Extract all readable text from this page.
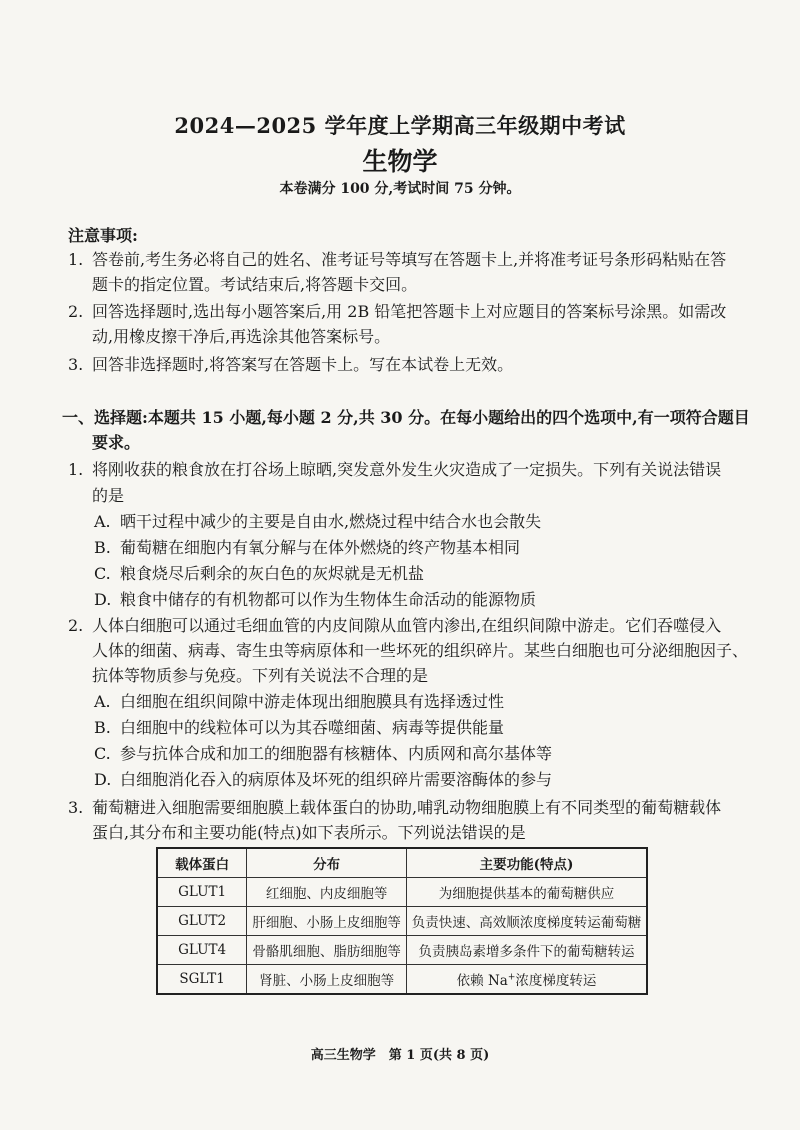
2024—2025 学年度上学期高三年级期中考试
生物学
本卷满分 100 分,考试时间 75 分钟。
注意事项:
1. 答卷前,考生务必将自己的姓名、准考证号等填写在答题卡上,并将准考证号条形码粘贴在答
题卡的指定位置。考试结束后,将答题卡交回。
2. 回答选择题时,选出每小题答案后,用 2B 铅笔把答题卡上对应题目的答案标号涂黑。如需改
动,用橡皮擦干净后,再选涂其他答案标号。
3. 回答非选择题时,将答案写在答题卡上。写在本试卷上无效。
一、选择题:本题共 15 小题,每小题 2 分,共 30 分。在每小题给出的四个选项中,有一项符合题目
要求。
1. 将刚收获的粮食放在打谷场上晾晒,突发意外发生火灾造成了一定损失。下列有关说法错误
的是
A. 晒干过程中减少的主要是自由水,燃烧过程中结合水也会散失
B. 葡萄糖在细胞内有氧分解与在体外燃烧的终产物基本相同
C. 粮食烧尽后剩余的灰白色的灰烬就是无机盐
D. 粮食中储存的有机物都可以作为生物体生命活动的能源物质
2. 人体白细胞可以通过毛细血管的内皮间隙从血管内渗出,在组织间隙中游走。它们吞噬侵入
人体的细菌、病毒、寄生虫等病原体和一些坏死的组织碎片。某些白细胞也可分泌细胞因子、
抗体等物质参与免疫。下列有关说法不合理的是
A. 白细胞在组织间隙中游走体现出细胞膜具有选择透过性
B. 白细胞中的线粒体可以为其吞噬细菌、病毒等提供能量
C. 参与抗体合成和加工的细胞器有核糖体、内质网和高尔基体等
D. 白细胞消化吞入的病原体及坏死的组织碎片需要溶酶体的参与
3. 葡萄糖进入细胞需要细胞膜上载体蛋白的协助,哺乳动物细胞膜上有不同类型的葡萄糖载体
蛋白,其分布和主要功能(特点)如下表所示。下列说法错误的是
载体蛋白	分布	主要功能(特点)
GLUT1	红细胞、内皮细胞等	为细胞提供基本的葡萄糖供应
GLUT2	肝细胞、小肠上皮细胞等	负责快速、高效顺浓度梯度转运葡萄糖
GLUT4	骨骼肌细胞、脂肪细胞等	负责胰岛素增多条件下的葡萄糖转运
SGLT1	肾脏、小肠上皮细胞等	依赖 Na+浓度梯度转运
高三生物学　第 1 页(共 8 页)
